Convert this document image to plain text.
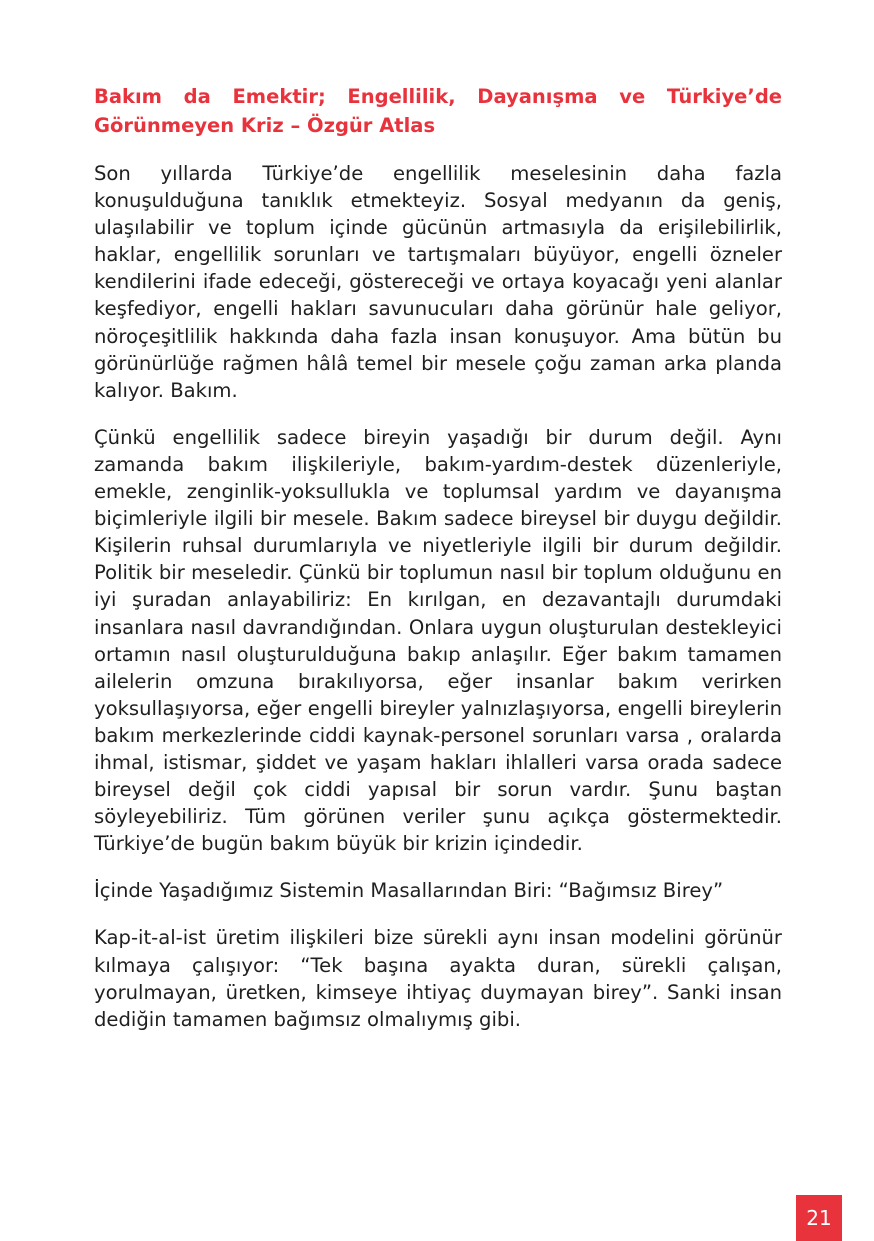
Bakım da Emektir; Engellilik, Dayanışma ve Türkiye’de Görünmeyen Kriz – Özgür Atlas

Son yıllarda Türkiye’de engellilik meselesinin daha fazla konuşulduğuna tanıklık etmekteyiz. Sosyal medyanın da geniş, ulaşılabilir ve toplum içinde gücünün artmasıyla da erişilebilirlik, haklar, engellilik sorunları ve tartışmaları büyüyor, engelli özneler kendilerini ifade edeceği, göstereceği ve ortaya koyacağı yeni alanlar keşfediyor, engelli hakları savunucuları daha görünür hale geliyor, nöroçeşitlilik hakkında daha fazla insan konuşuyor. Ama bütün bu görünürlüğe rağmen hâlâ temel bir mesele çoğu zaman arka planda kalıyor. Bakım.

Çünkü engellilik sadece bireyin yaşadığı bir durum değil. Aynı zamanda bakım ilişkileriyle, bakım-yardım-destek düzenleriyle, emekle, zenginlik-yoksullukla ve toplumsal yardım ve dayanışma biçimleriyle ilgili bir mesele. Bakım sadece bireysel bir duygu değildir. Kişilerin ruhsal durumlarıyla ve niyetleriyle ilgili bir durum değildir. Politik bir meseledir. Çünkü bir toplumun nasıl bir toplum olduğunu en iyi şuradan anlayabiliriz: En kırılgan, en dezavantajlı durumdaki insanlara nasıl davrandığından. Onlara uygun oluşturulan destekleyici ortamın nasıl oluşturulduğuna bakıp anlaşılır. Eğer bakım tamamen ailelerin omzuna bırakılıyorsa, eğer insanlar bakım verirken yoksullaşıyorsa, eğer engelli bireyler yalnızlaşıyorsa, engelli bireylerin bakım merkezlerinde ciddi kaynak-personel sorunları varsa , oralarda ihmal, istismar, şiddet ve yaşam hakları ihlalleri varsa orada sadece bireysel değil çok ciddi yapısal bir sorun vardır. Şunu baştan söyleyebiliriz. Tüm görünen veriler şunu açıkça göstermektedir. Türkiye’de bugün bakım büyük bir krizin içindedir.

İçinde Yaşadığımız Sistemin Masallarından Biri: “Bağımsız Birey”

Kap-it-al-ist üretim ilişkileri bize sürekli aynı insan modelini görünür kılmaya çalışıyor: “Tek başına ayakta duran, sürekli çalışan, yorulmayan, üretken, kimseye ihtiyaç duymayan birey”. Sanki insan dediğin tamamen bağımsız olmalıymış gibi.

21
